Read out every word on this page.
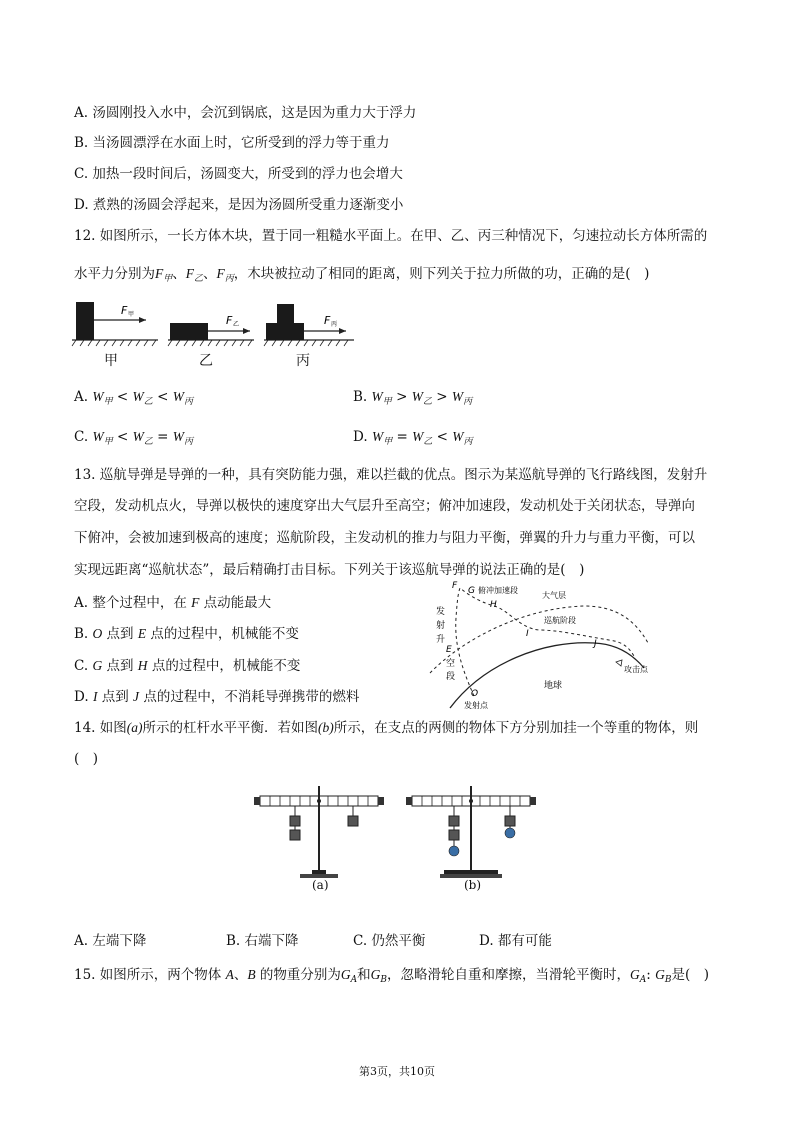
A. 汤圆刚投入水中，会沉到锅底，这是因为重力大于浮力
B. 当汤圆漂浮在水面上时，它所受到的浮力等于重力
C. 加热一段时间后，汤圆变大，所受到的浮力也会增大
D. 煮熟的汤圆会浮起来，是因为汤圆所受重力逐渐变小
12. 如图所示，一长方体木块，置于同一粗糙水平面上。在甲、乙、丙三种情况下，匀速拉动长方体所需的
水平力分别为$F_甲$、$F_乙$、$F_丙$，木块被拉动了相同的距离，则下列关于拉力所做的功，正确的是(　)
F 甲	F 乙	F 丙
甲	乙	丙
A. $W_甲 < W_乙 < W_丙$	B. $W_甲 > W_乙 > W_丙$
C. $W_甲 < W_乙 = W_丙$	D. $W_甲 = W_乙 < W_丙$
13. 巡航导弹是导弹的一种，具有突防能力强，难以拦截的优点。图示为某巡航导弹的飞行路线图，发射升
空段，发动机点火，导弹以极快的速度穿出大气层升至高空；俯冲加速段，发动机处于关闭状态，导弹向
下俯冲，会被加速到极高的速度；巡航阶段，主发动机的推力与阻力平衡，弹翼的升力与重力平衡，可以
实现远距离“巡航状态”，最后精确打击目标。下列关于该巡航导弹的说法正确的是(　)
A. 整个过程中，在 F 点动能最大
B. O 点到 E 点的过程中，机械能不变
C. G 点到 H 点的过程中，机械能不变
D. I 点到 J 点的过程中，不消耗导弹携带的燃料
F G 俯冲加速段
H
大气层
巡航阶段
I
J
E
O
发
射
升
空
段
发射点
地球
攻击点
14. 如图(a)所示的杠杆水平平衡．若如图(b)所示，在支点的两侧的物体下方分别加挂一个等重的物体，则
(　)
(a)	(b)
A. 左端下降	B. 右端下降	C. 仍然平衡	D. 都有可能
15. 如图所示，两个物体 A、B 的物重分别为$G_A$和$G_B$，忽略滑轮自重和摩擦，当滑轮平衡时，$G_A$: $G_B$是(　)
第3页，共10页
